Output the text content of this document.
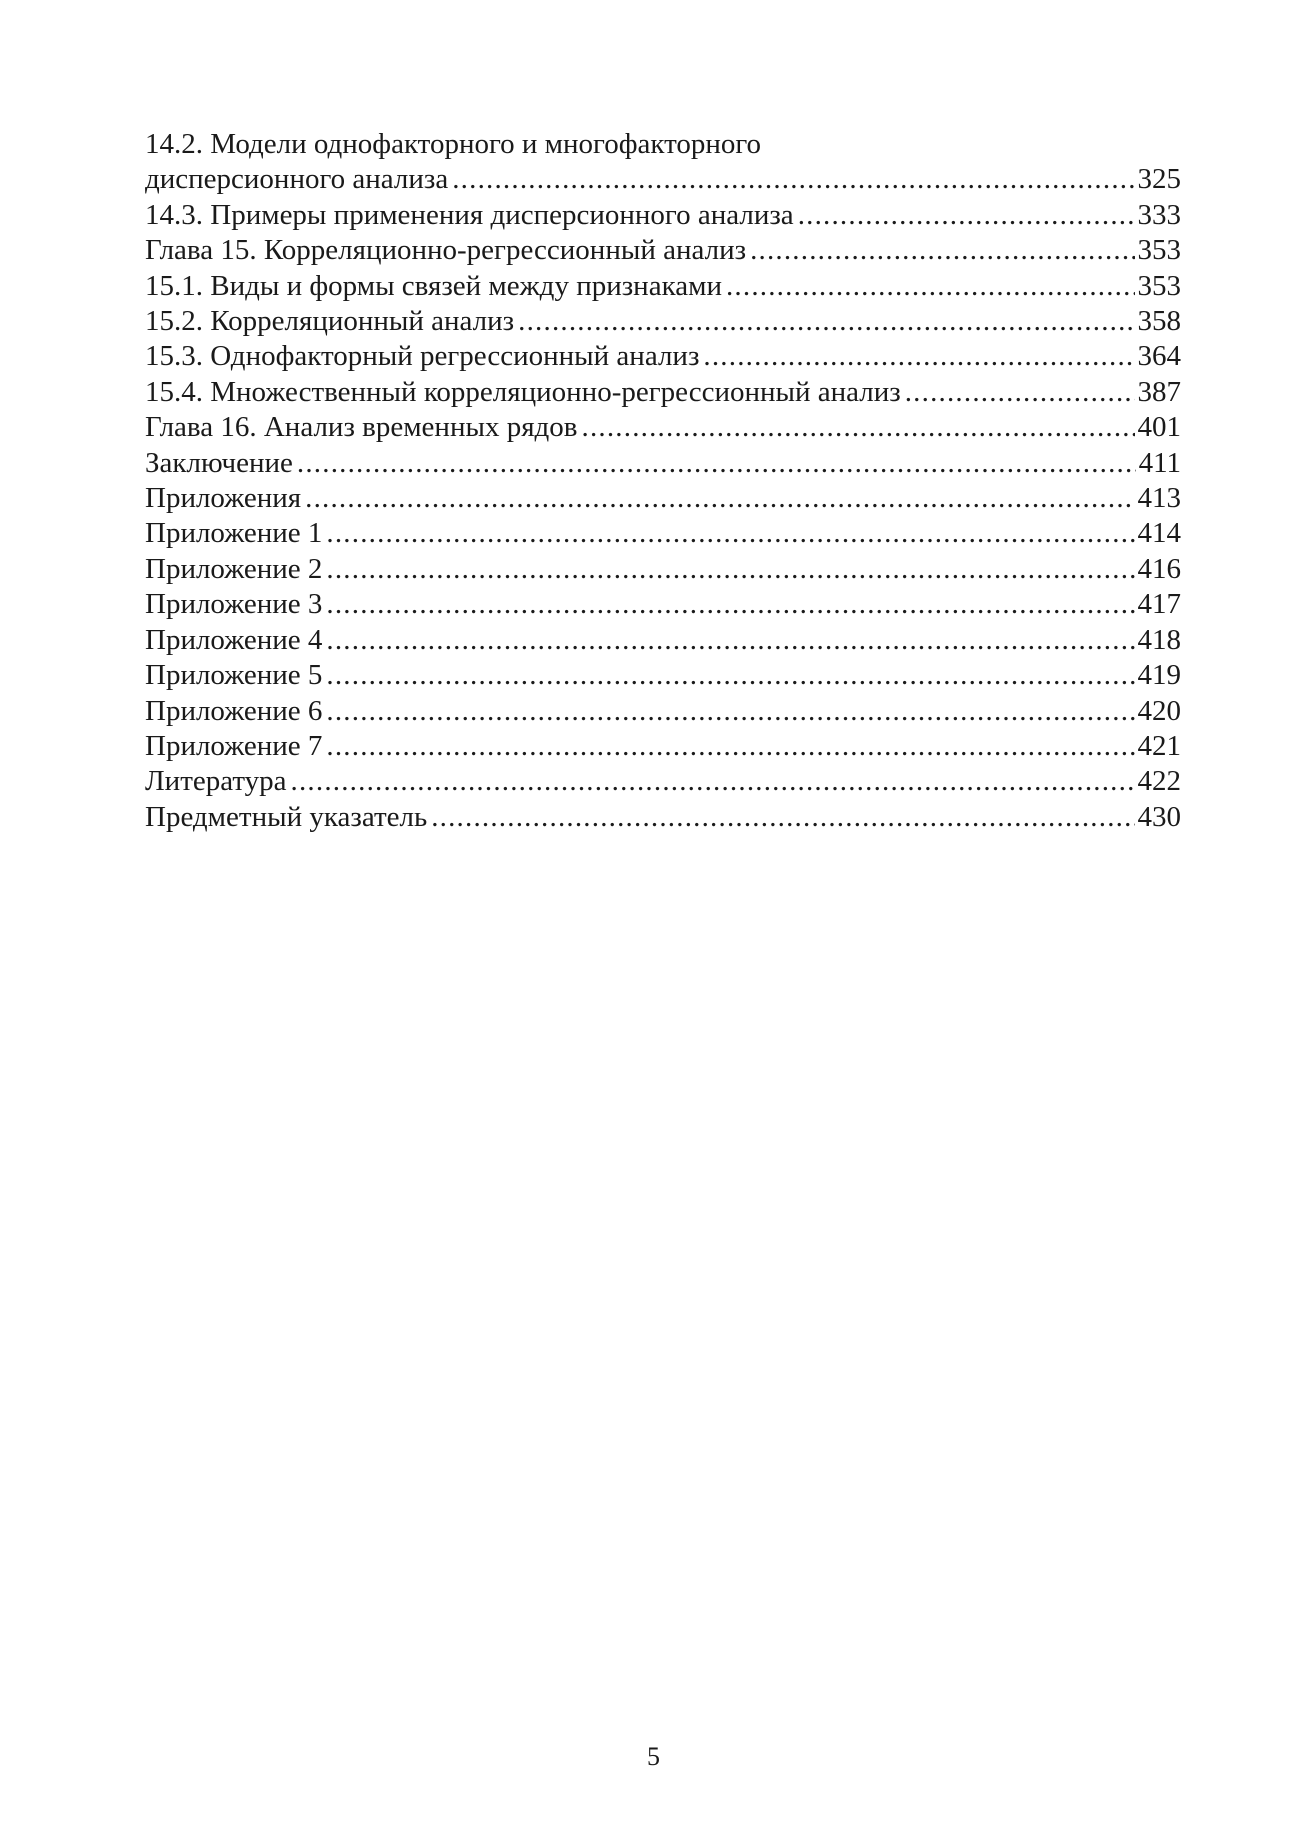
14.2. Модели однофакторного и многофакторного
дисперсионного анализа .....	325
14.3. Примеры применения дисперсионного анализа .....	333
Глава 15. Корреляционно-регрессионный анализ .....	353
15.1. Виды и формы связей между признаками .....	353
15.2. Корреляционный анализ .....	358
15.3. Однофакторный регрессионный анализ .....	364
15.4. Множественный корреляционно-регрессионный анализ .....	387
Глава 16. Анализ временных рядов .....	401
Заключение .....	411
Приложения .....	413
Приложение 1 .....	414
Приложение 2 .....	416
Приложение 3 .....	417
Приложение 4 .....	418
Приложение 5 .....	419
Приложение 6 .....	420
Приложение 7 .....	421
Литература .....	422
Предметный указатель .....	430
5
